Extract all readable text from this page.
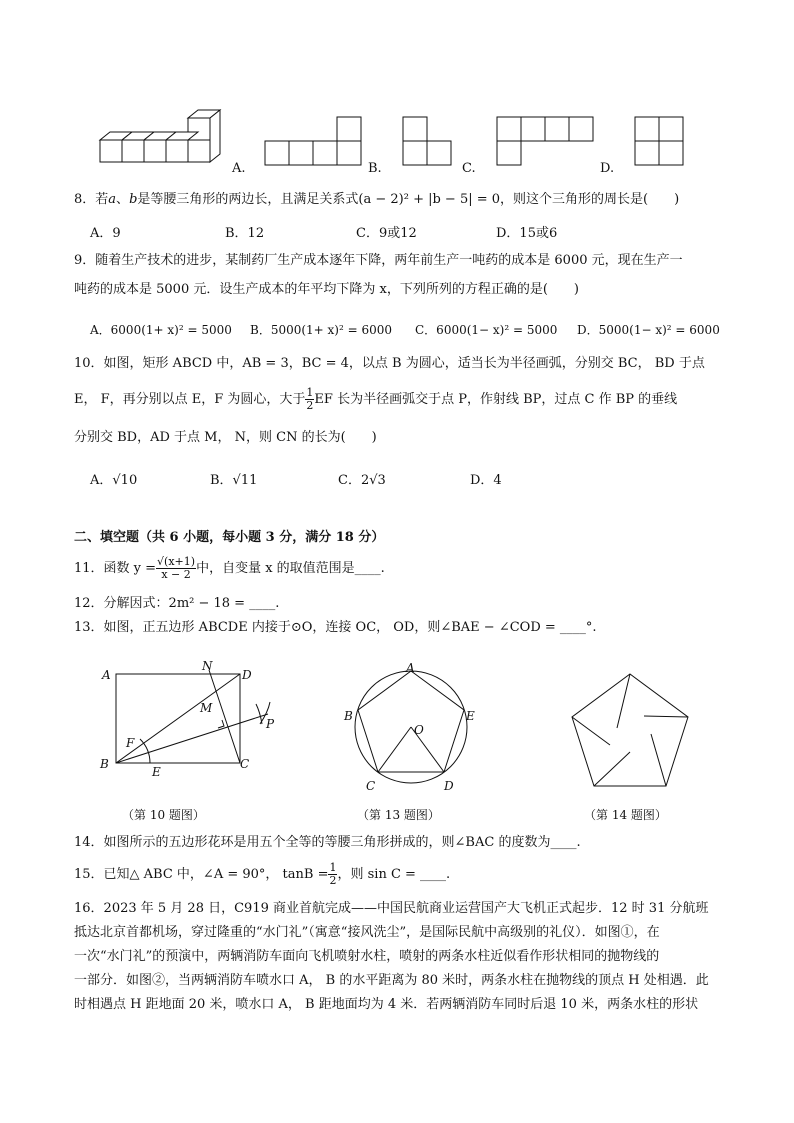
A.	B.	C.	D.
8．若a、b是等腰三角形的两边长，且满足关系式(a − 2)² + |b − 5| = 0，则这个三角形的周长是(　　)
A．9	B．12	C．9或12	D．15或6
9．随着生产技术的进步，某制药厂生产成本逐年下降，两年前生产一吨药的成本是 6000 元，现在生产一
吨药的成本是 5000 元．设生产成本的年平均下降为 x，下列所列的方程正确的是(　　)
A．6000(1+ x)² = 5000 B．5000(1+ x)² = 6000 C．6000(1− x)² = 5000 D．5000(1− x)² = 6000
10．如图，矩形 ABCD 中，AB = 3，BC = 4，以点 B 为圆心，适当长为半径画弧，分别交 BC， BD 于点
E， F，再分别以点 E，F 为圆心，大于 $\frac{1}{2}$ EF 长为半径画弧交于点 P，作射线 BP，过点 C 作 BP 的垂线
分别交 BD，AD 于点 M， N，则 CN 的长为(　　)
A．√10	B．√11	C．2√3	D．4
二、填空题（共 6 小题，每小题 3 分，满分 18 分）
11．函数 $y = \frac{√(x+1)}{x - 2}$ 中，自变量 x 的取值范围是____.
12．分解因式：2m² − 18 = ____.
13．如图，正五边形 ABCDE 内接于⊙O，连接 OC， OD，则∠BAE − ∠COD = ____°.
A
N
D
M
P
F
B
E
C
（第 10 题图）
A
B	E
O
C	D
（第 13 题图）	（第 14 题图）
14．如图所示的五边形花环是用五个全等的等腰三角形拼成的，则∠BAC 的度数为____.
15．已知△ ABC 中，∠A = 90°， $\tan B = \frac{1}{2}$ ，则 sin C = ____.
16．2023 年 5 月 28 日，C919 商业首航完成——中国民航商业运营国产大飞机正式起步．12 时 31 分航班
抵达北京首都机场，穿过隆重的“水门礼”（寓意“接风洗尘”，是国际民航中高级别的礼仪）．如图①，在
一次“水门礼”的预演中，两辆消防车面向飞机喷射水柱，喷射的两条水柱近似看作形状相同的抛物线的
一部分．如图②，当两辆消防车喷水口 A， B 的水平距离为 80 米时，两条水柱在抛物线的顶点 H 处相遇．此
时相遇点 H 距地面 20 米，喷水口 A， B 距地面均为 4 米．若两辆消防车同时后退 10 米，两条水柱的形状
